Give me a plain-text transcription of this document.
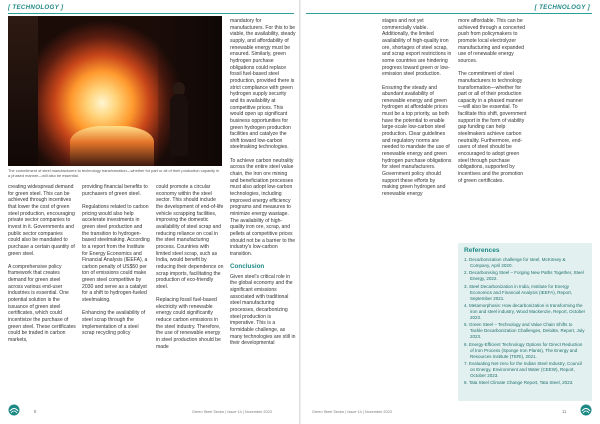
[ TECHNOLOGY ]	[ TECHNOLOGY ]
The commitment of steel manufacturers to technology transformation—whether for part or all of their production capacity in a phased manner—will also be essential.

creating widespread demand for green steel. This can be achieved through incentives that lower the cost of green steel production, encouraging private sector companies to invest in it. Governments and public sector companies could also be mandated to purchase a certain quantity of green steel.

A comprehensive policy framework that creates demand for green steel across various end-user industries is essential. One potential solution is the issuance of green steel certificates, which could incentivize the purchase of green steel. These certificates could be traded in carbon markets,

providing financial benefits to purchasers of green steel.

Regulations related to carbon pricing would also help accelerate investments in green steel production and the transition to hydrogen-based steelmaking. According to a report from the Institute for Energy Economics and Financial Analysis (IEEFA), a carbon penalty of US$50 per ton of emissions could make green steel competitive by 2030 and serve as a catalyst for a shift to hydrogen-fueled steelmaking.

Enhancing the availability of steel scrap through the implementation of a steel scrap recycling policy

could promote a circular economy within the steel sector. This should include the development of end-of-life vehicle scrapping facilities, improving the domestic availability of steel scrap and reducing reliance on coal in the steel manufacturing process. Countries with limited steel scrap, such as India, would benefit by reducing their dependence on scrap imports, facilitating the production of eco-friendly steel.

Replacing fossil fuel-based electricity with renewable energy could significantly reduce carbon emissions in the steel industry. Therefore, the use of renewable energy in steel production should be made

mandatory for manufacturers. For this to be viable, the availability, steady supply, and affordability of renewable energy must be ensured. Similarly, green hydrogen purchase obligations could replace fossil fuel-based steel production, provided there is strict compliance with green hydrogen supply security and its availability at competitive prices. This would open up significant business opportunities for green hydrogen production facilities and catalyze the shift toward low-carbon steelmaking technologies.

To achieve carbon neutrality across the entire steel value chain, the iron ore mining and beneficiation processes must also adopt low-carbon technologies, including improved energy efficiency programs and measures to minimize energy wastage. The availability of high-quality iron ore, scrap, and pellets at competitive prices should not be a barrier to the industry's low-carbon transition.

Conclusion

Given steel's critical role in the global economy and the significant emissions associated with traditional steel manufacturing processes, decarbonizing steel production is imperative. This is a formidable challenge, as many technologies are still in their developmental

stages and not yet commercially viable. Additionally, the limited availability of high-quality iron ore, shortages of steel scrap, and scrap export restrictions in some countries are hindering progress toward green or low-emission steel production.

Ensuring the steady and abundant availability of renewable energy and green hydrogen at affordable prices must be a top priority, as both have the potential to enable large-scale low-carbon steel production. Clear guidelines and regulatory norms are needed to mandate the use of renewable energy and green hydrogen purchase obligations for steel manufacturers. Government policy should support these efforts by making green hydrogen and renewable energy

more affordable. This can be achieved through a concerted push from policymakers to promote local electrolyzer manufacturing and expanded use of renewable energy sources.

The commitment of steel manufacturers to technology transformation—whether for part or all of their production capacity in a phased manner—will also be essential. To facilitate this shift, government support in the form of viability gap funding can help steelmakers achieve carbon neutrality. Furthermore, end-users of steel should be encouraged to adopt green steel through purchase obligations, supported by incentives and the promotion of green certificates.

References
1. Decarbonization challenge for steel, McKinsey & Company, April 2020.
2. Decarbonising Steel – Forging New Paths Together, Steel Energy, 2022.
3. Steel Decarbonization in India, Institute for Energy Economics and Financial Analysis (IEEFA), Report, September 2021.
4. Metamorphosis: How decarbonization is transforming the iron and steel industry, Wood Mackenzie, Report, October 2023.
5. Green Steel – Technology and Value Chain Shifts to Tackle Decarbonization Challenges, Deloitte, Report, July 2023.
6. Energy-Efficient Technology Options for Direct Reduction of Iron Process (Sponge Iron Plants), The Energy and Resources Institute (TERI), 2021.
7. Evaluating Net-zero for the Indian Steel Industry, Council on Energy, Environment and Water (CEEW), Report, October 2023.
8. Tata Steel Climate Change Report, Tata Steel, 2023.
8	Green Steel Sector | Issue 14 | November 2023	Green Steel Sector | Issue 14 | November 2023	11
